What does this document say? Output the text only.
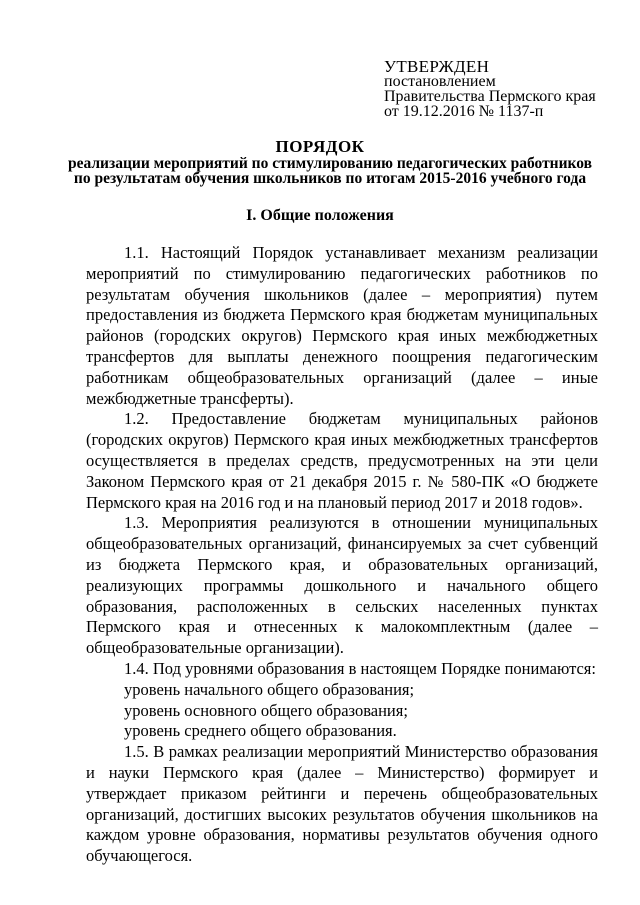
УТВЕРЖДЕН
постановлением
Правительства Пермского края
от 19.12.2016 № 1137-п
ПОРЯДОК
реализации мероприятий по стимулированию педагогических работников
по результатам обучения школьников по итогам 2015-2016 учебного года
I. Общие положения

1.1. Настоящий Порядок устанавливает механизм реализации мероприятий по стимулированию педагогических работников по результатам обучения школьников (далее – мероприятия) путем предоставления из бюджета Пермского края бюджетам муниципальных районов (городских округов) Пермского края иных межбюджетных трансфертов для выплаты денежного поощрения педагогическим работникам общеобразовательных организаций (далее – иные межбюджетные трансферты).

1.2. Предоставление бюджетам муниципальных районов (городских округов) Пермского края иных межбюджетных трансфертов осуществляется в пределах средств, предусмотренных на эти цели Законом Пермского края от 21 декабря 2015 г. № 580-ПК «О бюджете Пермского края на 2016 год и на плановый период 2017 и 2018 годов».

1.3. Мероприятия реализуются в отношении муниципальных общеобразовательных организаций, финансируемых за счет субвенций из бюджета Пермского края, и образовательных организаций, реализующих программы дошкольного и начального общего образования, расположенных в сельских населенных пунктах Пермского края и отнесенных к малокомплектным (далее – общеобразовательные организации).

1.4. Под уровнями образования в настоящем Порядке понимаются:

уровень начального общего образования;

уровень основного общего образования;

уровень среднего общего образования.

1.5. В рамках реализации мероприятий Министерство образования и науки Пермского края (далее – Министерство) формирует и утверждает приказом рейтинги и перечень общеобразовательных организаций, достигших высоких результатов обучения школьников на каждом уровне образования, нормативы результатов обучения одного обучающегося.
